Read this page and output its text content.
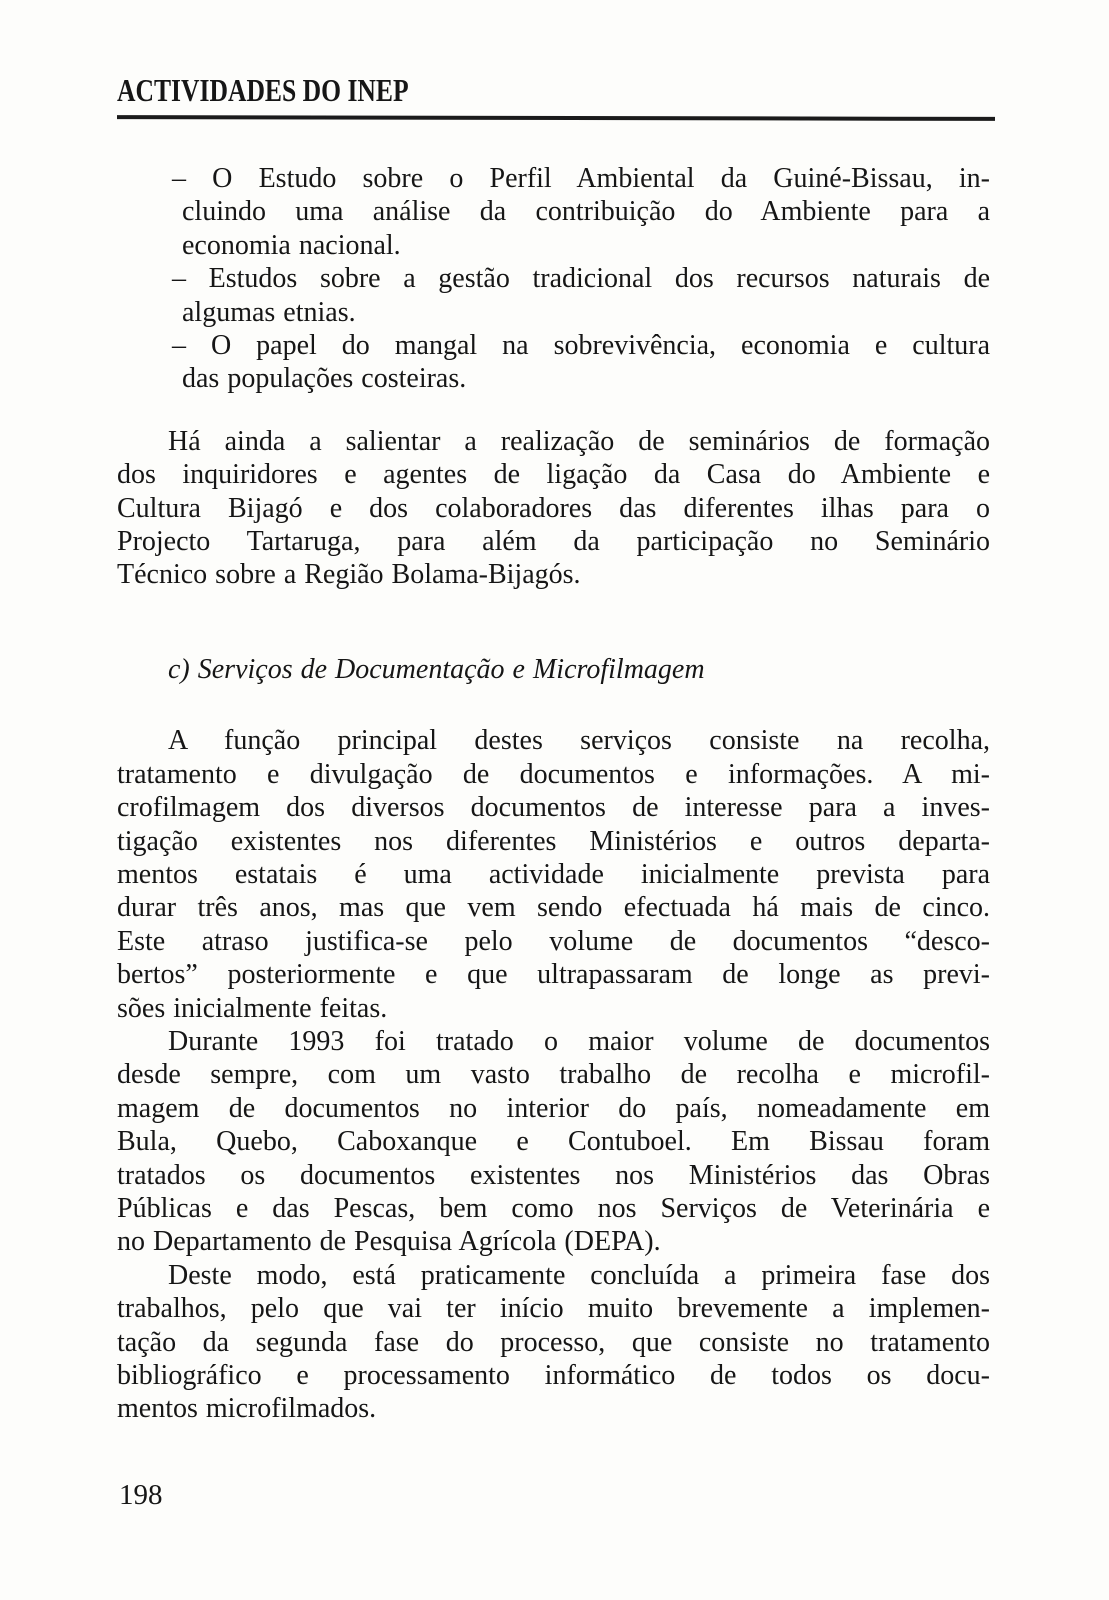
ACTIVIDADES DO INEP
– O Estudo sobre o Perfil Ambiental da Guiné-Bissau, in-
cluindo uma análise da contribuição do Ambiente para a
economia nacional.
– Estudos sobre a gestão tradicional dos recursos naturais de
algumas etnias.
– O papel do mangal na sobrevivência, economia e cultura
das populações costeiras.
Há ainda a salientar a realização de seminários de formação
dos inquiridores e agentes de ligação da Casa do Ambiente e
Cultura Bijagó e dos colaboradores das diferentes ilhas para o
Projecto Tartaruga, para além da participação no Seminário
Técnico sobre a Região Bolama-Bijagós.
c) Serviços de Documentação e Microfilmagem
A função principal destes serviços consiste na recolha,
tratamento e divulgação de documentos e informações. A mi-
crofilmagem dos diversos documentos de interesse para a inves-
tigação existentes nos diferentes Ministérios e outros departa-
mentos estatais é uma actividade inicialmente prevista para
durar três anos, mas que vem sendo efectuada há mais de cinco.
Este atraso justifica-se pelo volume de documentos “desco-
bertos” posteriormente e que ultrapassaram de longe as previ-
sões inicialmente feitas.
Durante 1993 foi tratado o maior volume de documentos
desde sempre, com um vasto trabalho de recolha e microfil-
magem de documentos no interior do país, nomeadamente em
Bula, Quebo, Caboxanque e Contuboel. Em Bissau foram
tratados os documentos existentes nos Ministérios das Obras
Públicas e das Pescas, bem como nos Serviços de Veterinária e
no Departamento de Pesquisa Agrícola (DEPA).
Deste modo, está praticamente concluída a primeira fase dos
trabalhos, pelo que vai ter início muito brevemente a implemen-
tação da segunda fase do processo, que consiste no tratamento
bibliográfico e processamento informático de todos os docu-
mentos microfilmados.
198
